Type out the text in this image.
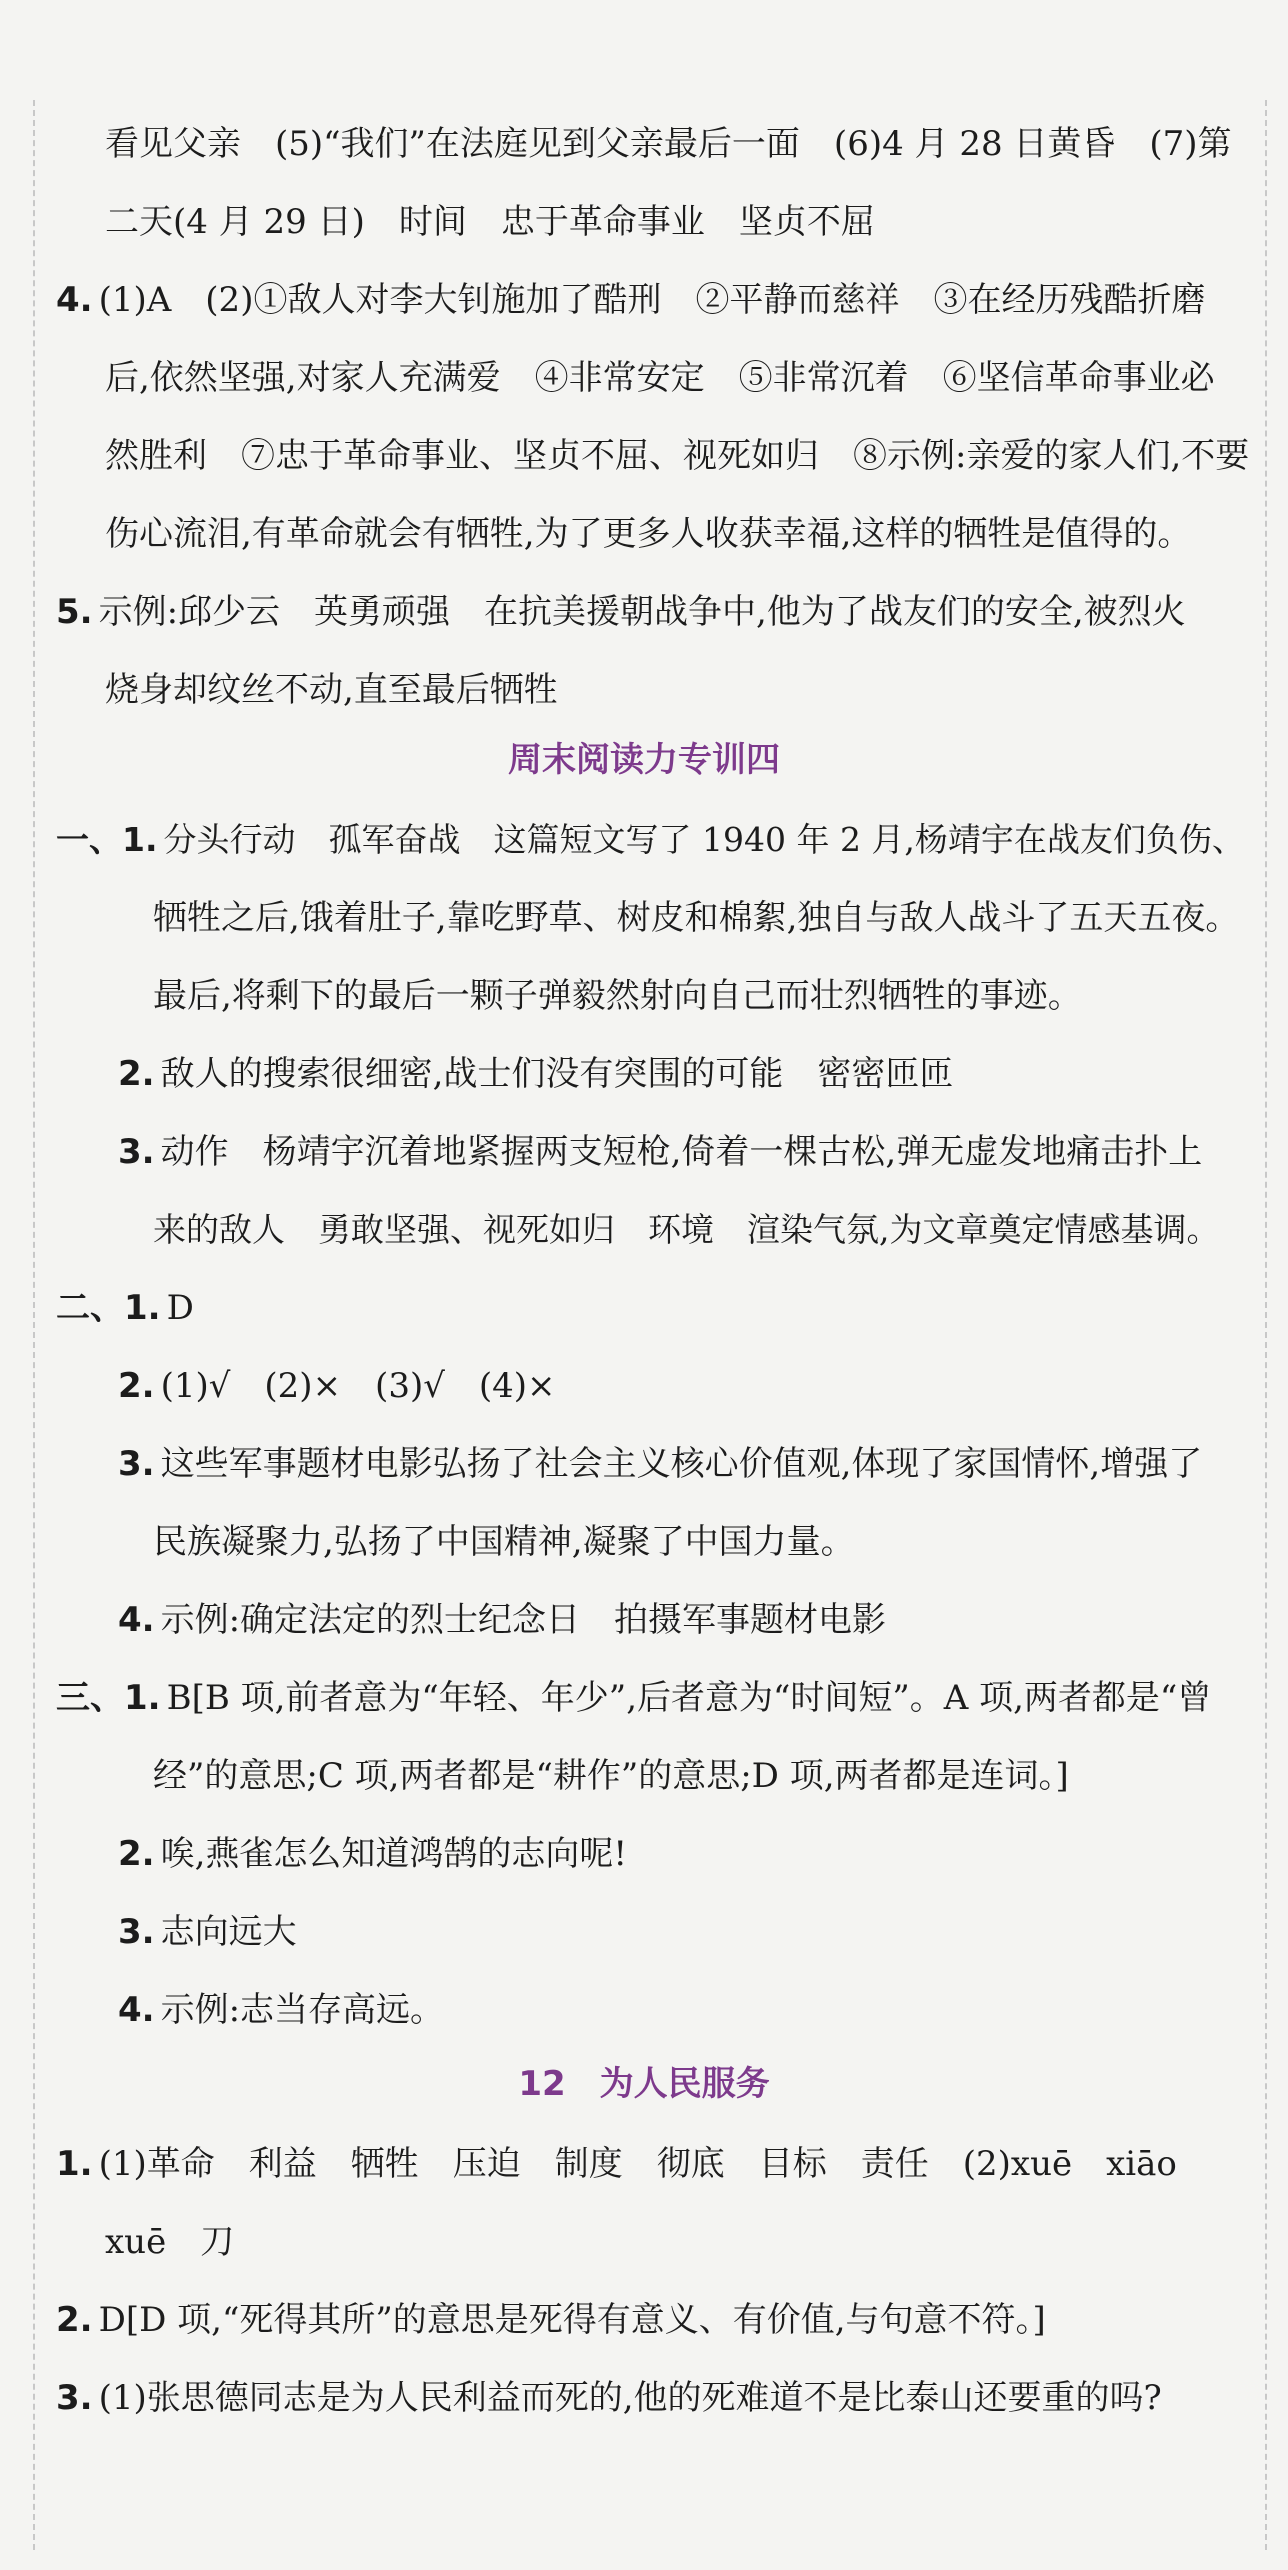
看见父亲　(5)“我们”在法庭见到父亲最后一面　(6)4 月 28 日黄昏　(7)第
二天(4 月 29 日)　时间　忠于革命事业　坚贞不屈
4. (1)A　(2)①敌人对李大钊施加了酷刑　②平静而慈祥　③在经历残酷折磨
后,依然坚强,对家人充满爱　④非常安定　⑤非常沉着　⑥坚信革命事业必
然胜利　⑦忠于革命事业、坚贞不屈、视死如归　⑧示例:亲爱的家人们,不要
伤心流泪,有革命就会有牺牲,为了更多人收获幸福,这样的牺牲是值得的。
5. 示例:邱少云　英勇顽强　在抗美援朝战争中,他为了战友们的安全,被烈火
烧身却纹丝不动,直至最后牺牲
周末阅读力专训四
一、1. 分头行动　孤军奋战　这篇短文写了 1940 年 2 月,杨靖宇在战友们负伤、
牺牲之后,饿着肚子,靠吃野草、树皮和棉絮,独自与敌人战斗了五天五夜。
最后,将剩下的最后一颗子弹毅然射向自己而壮烈牺牲的事迹。
2. 敌人的搜索很细密,战士们没有突围的可能　密密匝匝
3. 动作　杨靖宇沉着地紧握两支短枪,倚着一棵古松,弹无虚发地痛击扑上
来的敌人　勇敢坚强、视死如归　环境　渲染气氛,为文章奠定情感基调。
二、1. D
2. (1)√　(2)×　(3)√　(4)×
3. 这些军事题材电影弘扬了社会主义核心价值观,体现了家国情怀,增强了
民族凝聚力,弘扬了中国精神,凝聚了中国力量。
4. 示例:确定法定的烈士纪念日　拍摄军事题材电影
三、1. B[B 项,前者意为“年轻、年少”,后者意为“时间短”。A 项,两者都是“曾
经”的意思;C 项,两者都是“耕作”的意思;D 项,两者都是连词。]
2. 唉,燕雀怎么知道鸿鹄的志向呢!
3. 志向远大
4. 示例:志当存高远。
12　为人民服务
1. (1)革命　利益　牺牲　压迫　制度　彻底　目标　责任　(2)xuē　xiāo
xuē　刀
2. D[D 项,“死得其所”的意思是死得有意义、有价值,与句意不符。]
3. (1)张思德同志是为人民利益而死的,他的死难道不是比泰山还要重的吗?
